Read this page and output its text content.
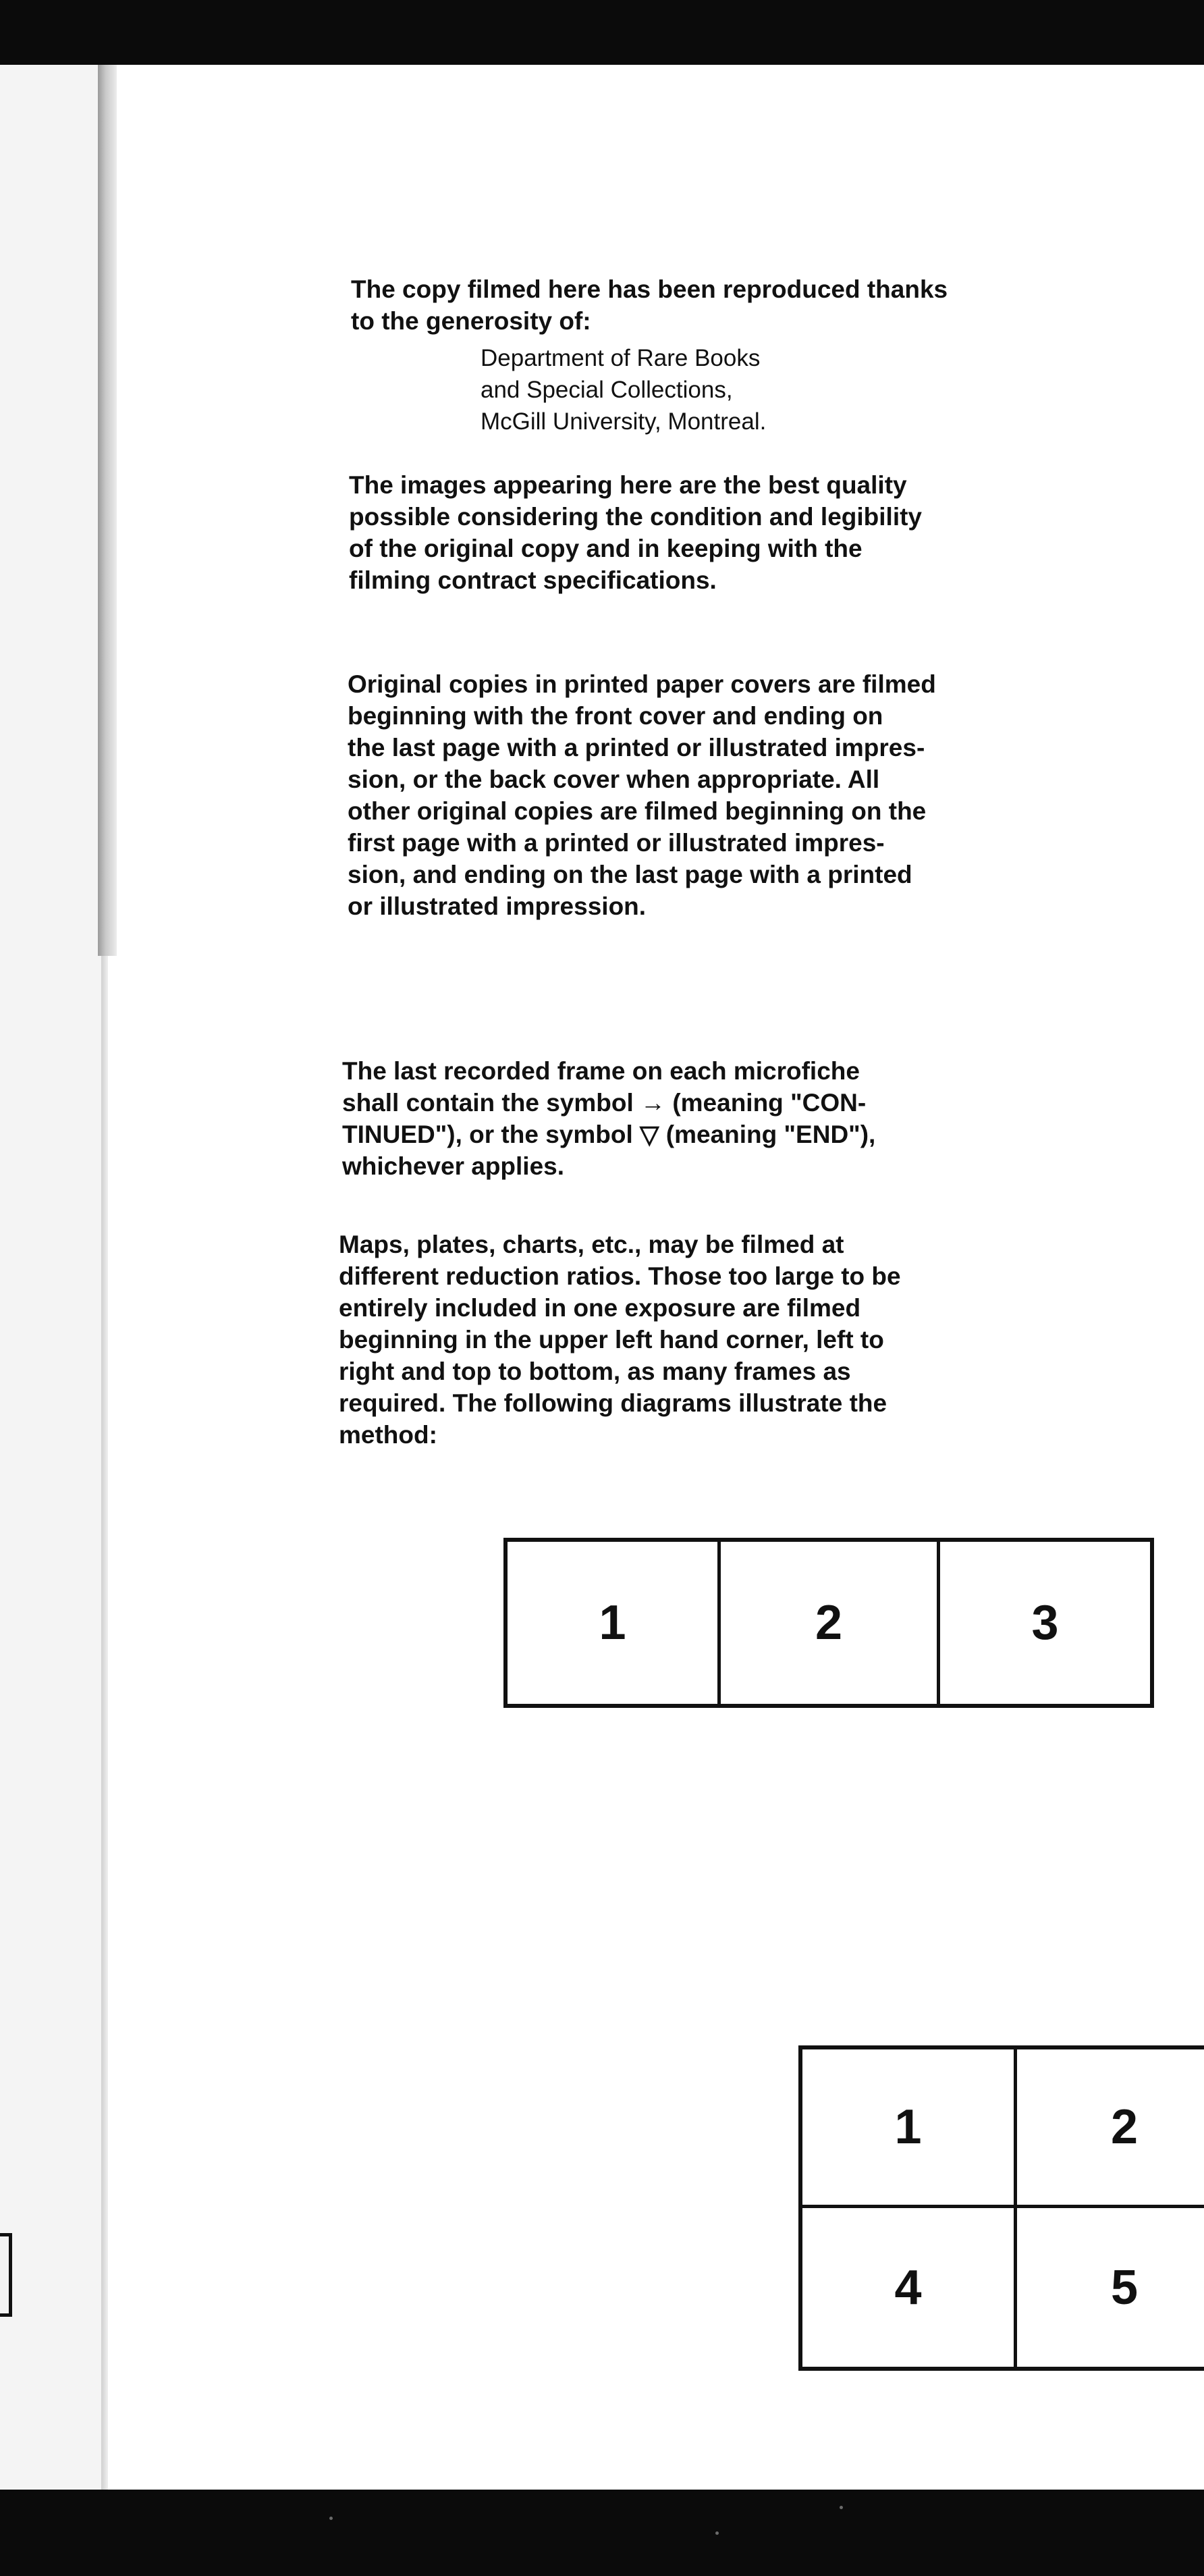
The copy filmed here has been reproduced thanks
to the generosity of:
Department of Rare Books
and Special Collections,
McGill University, Montreal.
The images appearing here are the best quality
possible considering the condition and legibility
of the original copy and in keeping with the
filming contract specifications.
Original copies in printed paper covers are filmed
beginning with the front cover and ending on
the last page with a printed or illustrated impres-
sion, or the back cover when appropriate. All
other original copies are filmed beginning on the
first page with a printed or illustrated impres-
sion, and ending on the last page with a printed
or illustrated impression.
The last recorded frame on each microfiche
shall contain the symbol → (meaning "CON-
TINUED"), or the symbol ▽ (meaning "END"),
whichever applies.
Maps, plates, charts, etc., may be filmed at
different reduction ratios. Those too large to be
entirely included in one exposure are filmed
beginning in the upper left hand corner, left to
right and top to bottom, as many frames as
required. The following diagrams illustrate the
method:
1	2	3
1	2
4	5
